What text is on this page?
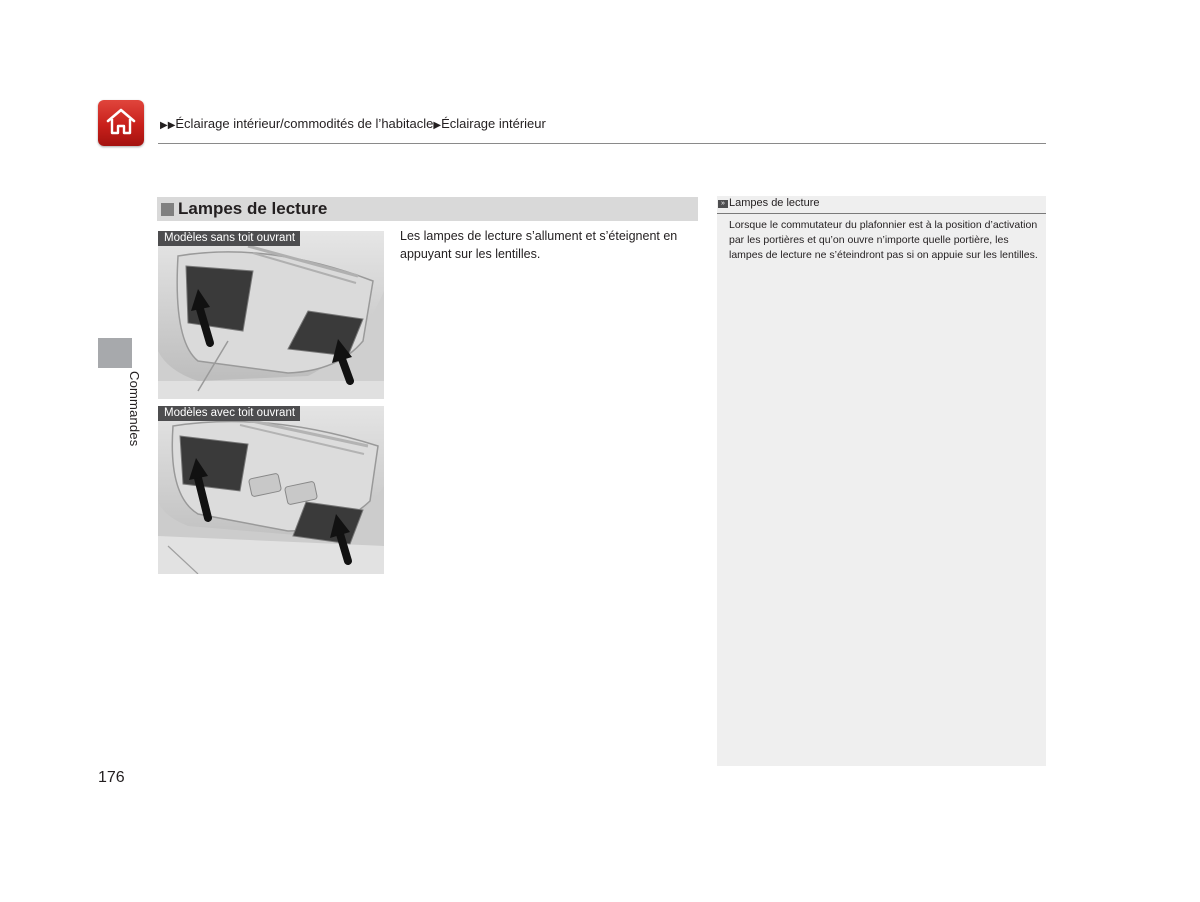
▶▶Éclairage intérieur/commodités de l’habitacle▶Éclairage intérieur
Commandes
Lampes de lecture
Modèles sans toit ouvrant
Modèles avec toit ouvrant
Les lampes de lecture s’allument et s’éteignent en appuyant sur les lentilles.
» Lampes de lecture
Lorsque le commutateur du plafonnier est à la position d’activation par les portières et qu’on ouvre n’importe quelle portière, les lampes de lecture ne s’éteindront pas si on appuie sur les lentilles.
176
